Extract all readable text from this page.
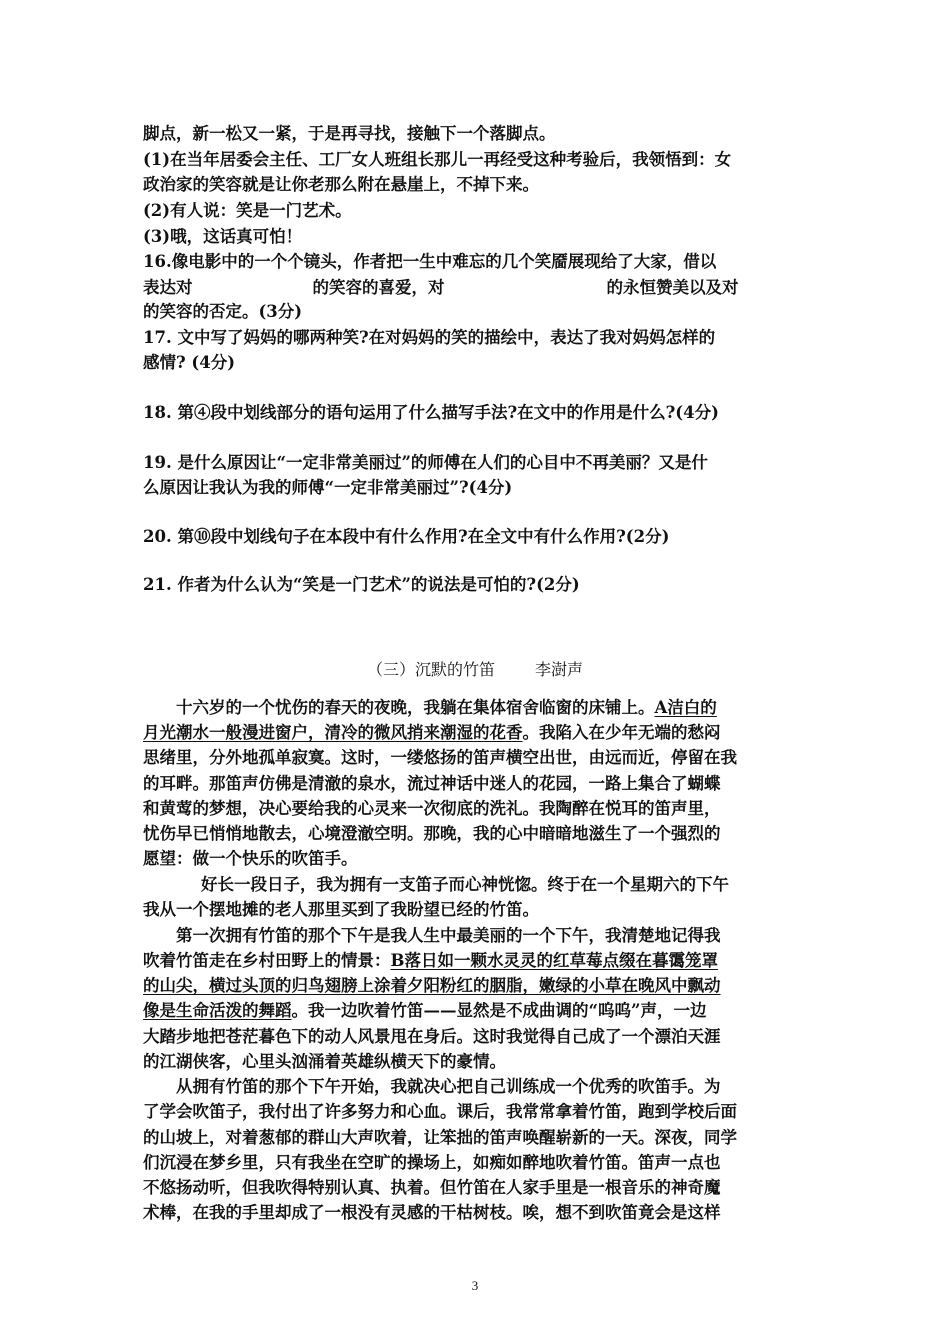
脚点，新一松又一紧，于是再寻找，接触下一个落脚点。
(1)在当年居委会主任、工厂女人班组长那儿一再经受这种考验后，我领悟到：女
政治家的笑容就是让你老那么附在悬崖上，不掉下来。
(2)有人说：笑是一门艺术。
(3)哦，这话真可怕！
16.像电影中的一个个镜头，作者把一生中难忘的几个笑靥展现给了大家，借以
表达对	的笑容的喜爱，对	的永恒赞美以及对
的笑容的否定。(3分)
17. 文中写了妈妈的哪两种笑?在对妈妈的笑的描绘中，表达了我对妈妈怎样的
感情? (4分)
18. 第④段中划线部分的语句运用了什么描写手法?在文中的作用是什么?(4分)
19. 是什么原因让“一定非常美丽过”的师傅在人们的心目中不再美丽？又是什
么原因让我认为我的师傅“一定非常美丽过”?(4分)
20. 第⑩段中划线句子在本段中有什么作用?在全文中有什么作用?(2分)
21. 作者为什么认为“笑是一门艺术”的说法是可怕的?(2分)
（三）沉默的竹笛	李澍声
十六岁的一个忧伤的春天的夜晚，我躺在集体宿舍临窗的床铺上。A洁白的
月光潮水一般漫进窗户，清冷的微风捎来潮湿的花香。我陷入在少年无端的愁闷
思绪里，分外地孤单寂寞。这时，一缕悠扬的笛声横空出世，由远而近，停留在我
的耳畔。那笛声仿佛是清澈的泉水，流过神话中迷人的花园，一路上集合了蝴蝶
和黄莺的梦想，决心要给我的心灵来一次彻底的洗礼。我陶醉在悦耳的笛声里，
忧伤早已悄悄地散去，心境澄澈空明。那晚，我的心中暗暗地滋生了一个强烈的
愿望：做一个快乐的吹笛手。
好长一段日子，我为拥有一支笛子而心神恍惚。终于在一个星期六的下午
我从一个摆地摊的老人那里买到了我盼望已经的竹笛。
第一次拥有竹笛的那个下午是我人生中最美丽的一个下午，我清楚地记得我
吹着竹笛走在乡村田野上的情景：B落日如一颗水灵灵的红草莓点缀在暮霭笼罩
的山尖，横过头顶的归鸟翅膀上涂着夕阳粉红的胭脂，嫩绿的小草在晚风中飘动
像是生命活泼的舞蹈。我一边吹着竹笛——显然是不成曲调的“呜呜”声，一边
大踏步地把苍茫暮色下的动人风景甩在身后。这时我觉得自己成了一个漂泊天涯
的江湖侠客，心里头汹涌着英雄纵横天下的豪情。
从拥有竹笛的那个下午开始，我就决心把自己训练成一个优秀的吹笛手。为
了学会吹笛子，我付出了许多努力和心血。课后，我常常拿着竹笛，跑到学校后面
的山坡上，对着葱郁的群山大声吹着，让笨拙的笛声唤醒崭新的一天。深夜，同学
们沉浸在梦乡里，只有我坐在空旷的操场上，如痴如醉地吹着竹笛。笛声一点也
不悠扬动听，但我吹得特别认真、执着。但竹笛在人家手里是一根音乐的神奇魔
术棒，在我的手里却成了一根没有灵感的干枯树枝。唉，想不到吹笛竟会是这样
3
